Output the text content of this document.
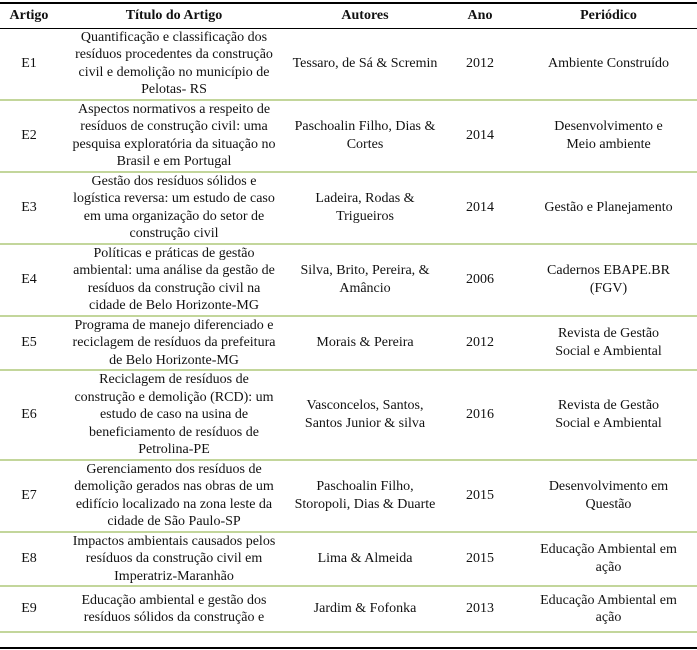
Artigo	Título do Artigo	Autores	Ano	Periódico
E1	Quantificação e classificação dos
resíduos procedentes da construção
civil e demolição no município de
Pelotas- RS	Tessaro, de Sá & Scremin	2012	Ambiente Construído
E2	Aspectos normativos a respeito de
resíduos de construção civil: uma
pesquisa exploratória da situação no
Brasil e em Portugal	Paschoalin Filho, Dias &
Cortes	2014	Desenvolvimento e
Meio ambiente
E3	Gestão dos resíduos sólidos e
logística reversa: um estudo de caso
em uma organização do setor de
construção civil	Ladeira, Rodas &
Trigueiros	2014	Gestão e Planejamento
E4	Políticas e práticas de gestão
ambiental: uma análise da gestão de
resíduos da construção civil na
cidade de Belo Horizonte-MG	Silva, Brito, Pereira, &
Amâncio	2006	Cadernos EBAPE.BR
(FGV)
E5	Programa de manejo diferenciado e
reciclagem de resíduos da prefeitura
de Belo Horizonte-MG	Morais & Pereira	2012	Revista de Gestão
Social e Ambiental
E6	Reciclagem de resíduos de
construção e demolição (RCD): um
estudo de caso na usina de
beneficiamento de resíduos de
Petrolina-PE	Vasconcelos, Santos,
Santos Junior & silva	2016	Revista de Gestão
Social e Ambiental
E7	Gerenciamento dos resíduos de
demolição gerados nas obras de um
edifício localizado na zona leste da
cidade de São Paulo-SP	Paschoalin Filho,
Storopoli, Dias & Duarte	2015	Desenvolvimento em
Questão
E8	Impactos ambientais causados pelos
resíduos da construção civil em
Imperatriz-Maranhão	Lima & Almeida	2015	Educação Ambiental em
ação
E9	Educação ambiental e gestão dos
resíduos sólidos da construção e	Jardim & Fofonka	2013	Educação Ambiental em
ação
